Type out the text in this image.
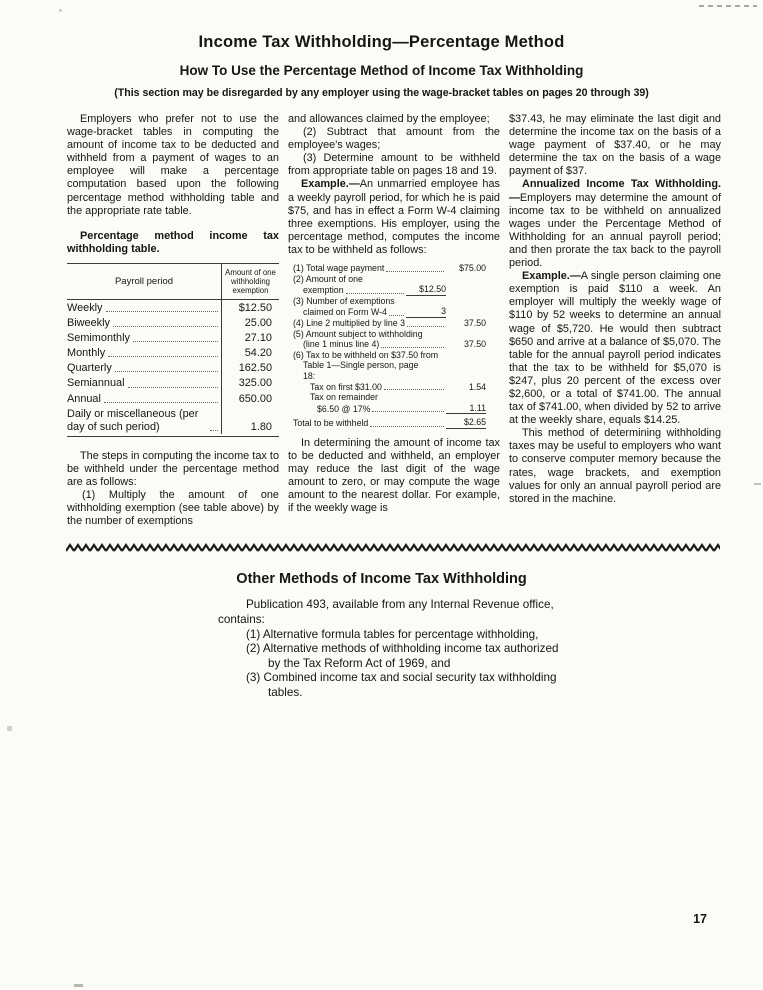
Income Tax Withholding—Percentage Method
How To Use the Percentage Method of Income Tax Withholding
(This section may be disregarded by any employer using the wage-bracket tables on pages 20 through 39)

Employers who prefer not to use the wage-bracket tables in computing the amount of income tax to be deducted and withheld from a payment of wages to an employee will make a percentage computation based upon the following percentage method withholding table and the appropriate rate table.

Percentage method income tax withholding table.

Payroll period
Amount of one withholding exemption
Weekly	$12.50
Biweekly	25.00
Semimonthly	27.10
Monthly	54.20
Quarterly	162.50
Semiannual	325.00
Annual	650.00
Daily or miscellaneous (per day of such period)	1.80

The steps in computing the income tax to be withheld under the percentage method are as follows:

(1) Multiply the amount of one withholding exemption (see table above) by the number of exemptions

and allowances claimed by the employee;

(2) Subtract that amount from the employee's wages;

(3) Determine amount to be withheld from appropriate table on pages 18 and 19.

Example.—An unmarried employee has a weekly payroll period, for which he is paid $75, and has in effect a Form W-4 claiming three exemptions. His employer, using the percentage method, computes the income tax to be withheld as follows:

(1) Total wage payment	$75.00
(2) Amount of one
exemption	$12.50
(3) Number of exemptions
claimed on Form W-4	3
(4) Line 2 multiplied by line 3	37.50
(5) Amount subject to withholding
(line 1 minus line 4)	37.50
(6) Tax to be withheld on $37.50 from
Table 1—Single person, page
18:
Tax on first $31.00	1.54
Tax on remainder
$6.50 @ 17%	1.11
Total to be withheld	$2.65

In determining the amount of income tax to be deducted and withheld, an employer may reduce the last digit of the wage amount to zero, or may compute the wage amount to the nearest dollar. For example, if the weekly wage is

$37.43, he may eliminate the last digit and determine the income tax on the basis of a wage payment of $37.40, or he may determine the tax on the basis of a wage payment of $37.

Annualized Income Tax Withholding.—Employers may determine the amount of income tax to be withheld on annualized wages under the Percentage Method of Withholding for an annual payroll period; and then prorate the tax back to the payroll period.

Example.—A single person claiming one exemption is paid $110 a week. An employer will multiply the weekly wage of $110 by 52 weeks to determine an annual wage of $5,720. He would then subtract $650 and arrive at a balance of $5,070. The table for the annual payroll period indicates that the tax to be withheld for $5,070 is $247, plus 20 percent of the excess over $2,600, or a total of $741.00. The annual tax of $741.00, when divided by 52 to arrive at the weekly share, equals $14.25.

This method of determining withholding taxes may be useful to employers who want to conserve computer memory because the rates, wage brackets, and exemption values for only an annual payroll period are stored in the machine.

Other Methods of Income Tax Withholding

Publication 493, available from any Internal Revenue office, contains:

(1) Alternative formula tables for percentage withholding,

(2) Alternative methods of withholding income tax authorized by the Tax Reform Act of 1969, and

(3) Combined income tax and social security tax withholding tables.

17
